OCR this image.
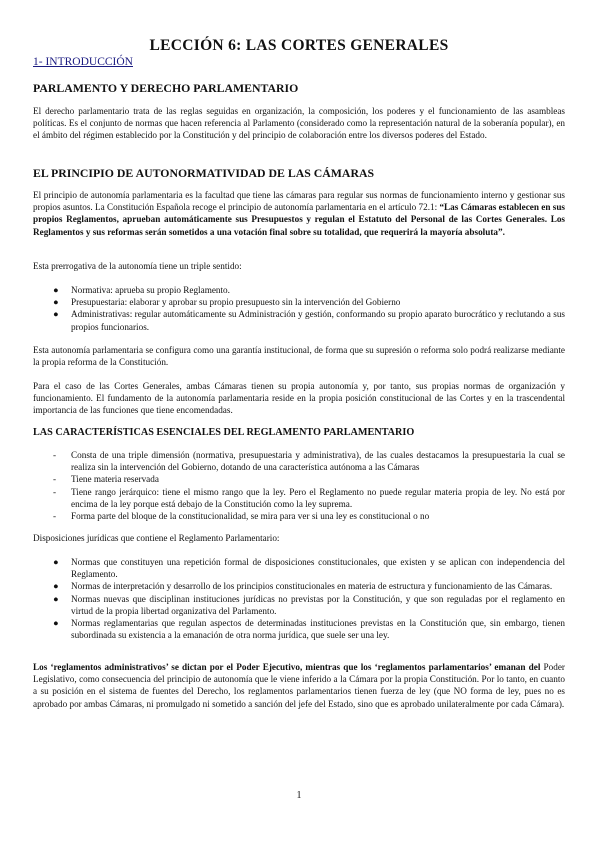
LECCIÓN 6: LAS CORTES GENERALES

1- INTRODUCCIÓN

PARLAMENTO Y DERECHO PARLAMENTARIO

El derecho parlamentario trata de las reglas seguidas en organización, la composición, los poderes y el funcionamiento de las asambleas políticas. Es el conjunto de normas que hacen referencia al Parlamento (considerado como la representación natural de la soberanía popular), en el ámbito del régimen establecido por la Constitución y del principio de colaboración entre los diversos poderes del Estado.

EL PRINCIPIO DE AUTONORMATIVIDAD DE LAS CÁMARAS

El principio de autonomía parlamentaria es la facultad que tiene las cámaras para regular sus normas de funcionamiento interno y gestionar sus propios asuntos. La Constitución Española recoge el principio de autonomía parlamentaria en el artículo 72.1: “Las Cámaras establecen en sus propios Reglamentos, aprueban automáticamente sus Presupuestos y regulan el Estatuto del Personal de las Cortes Generales. Los Reglamentos y sus reformas serán sometidos a una votación final sobre su totalidad, que requerirá la mayoría absoluta”.

Esta prerrogativa de la autonomía tiene un triple sentido:

● Normativa: aprueba su propio Reglamento.
● Presupuestaria: elaborar y aprobar su propio presupuesto sin la intervención del Gobierno
● Administrativas: regular automáticamente su Administración y gestión, conformando su propio aparato burocrático y reclutando a sus propios funcionarios.

Esta autonomía parlamentaria se configura como una garantía institucional, de forma que su supresión o reforma solo podrá realizarse mediante la propia reforma de la Constitución.

Para el caso de las Cortes Generales, ambas Cámaras tienen su propia autonomía y, por tanto, sus propias normas de organización y funcionamiento. El fundamento de la autonomía parlamentaria reside en la propia posición constitucional de las Cortes y en la trascendental importancia de las funciones que tiene encomendadas.

LAS CARACTERÍSTICAS ESENCIALES DEL REGLAMENTO PARLAMENTARIO
- Consta de una triple dimensión (normativa, presupuestaria y administrativa), de las cuales destacamos la presupuestaria la cual se realiza sin la intervención del Gobierno, dotando de una característica autónoma a las Cámaras
- Tiene materia reservada
- Tiene rango jerárquico: tiene el mismo rango que la ley. Pero el Reglamento no puede regular materia propia de ley. No está por encima de la ley porque está debajo de la Constitución como la ley suprema.
- Forma parte del bloque de la constitucionalidad, se mira para ver si una ley es constitucional o no

Disposiciones jurídicas que contiene el Reglamento Parlamentario:

● Normas que constituyen una repetición formal de disposiciones constitucionales, que existen y se aplican con independencia del Reglamento.
● Normas de interpretación y desarrollo de los principios constitucionales en materia de estructura y funcionamiento de las Cámaras.
● Normas nuevas que disciplinan instituciones jurídicas no previstas por la Constitución, y que son reguladas por el reglamento en virtud de la propia libertad organizativa del Parlamento.
● Normas reglamentarias que regulan aspectos de determinadas instituciones previstas en la Constitución que, sin embargo, tienen subordinada su existencia a la emanación de otra norma jurídica, que suele ser una ley.

Los ‘reglamentos administrativos’ se dictan por el Poder Ejecutivo, mientras que los ‘reglamentos parlamentarios’ emanan del Poder Legislativo, como consecuencia del principio de autonomía que le viene inferido a la Cámara por la propia Constitución. Por lo tanto, en cuanto a su posición en el sistema de fuentes del Derecho, los reglamentos parlamentarios tienen fuerza de ley (que NO forma de ley, pues no es aprobado por ambas Cámaras, ni promulgado ni sometido a sanción del jefe del Estado, sino que es aprobado unilateralmente por cada Cámara).

1
